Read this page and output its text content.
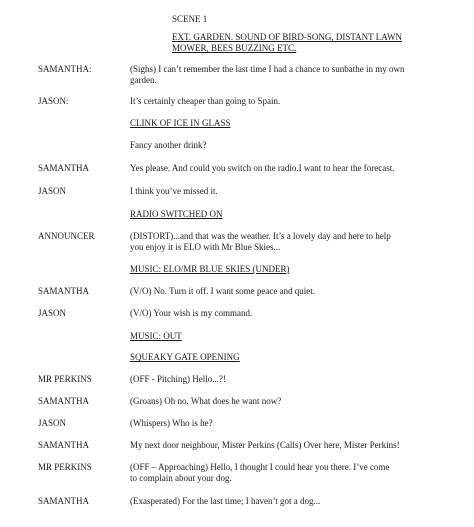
SCENE 1
EXT. GARDEN. SOUND OF BIRD-SONG, DISTANT LAWN
MOWER, BEES BUZZING ETC.
SAMANTHA:	(Sighs) I can’t remember the last time I had a chance to sunbathe in my own
garden.
JASON:	It’s certainly cheaper than going to Spain.
CLINK OF ICE IN GLASS
Fancy another drink?
SAMANTHA	Yes please. And could you switch on the radio.I want to hear the forecast.
JASON	I think you’ve missed it.
RADIO SWITCHED ON
ANNOUNCER	(DISTORT)...and that was the weather. It’s a lovely day and here to help
you enjoy it is ELO with Mr Blue Skies...
MUSIC: ELO/MR BLUE SKIES (UNDER)
SAMANTHA	(V/O) No. Turn it off. I want some peace and quiet.
JASON	(V/O) Your wish is my command.
MUSIC: OUT
SQUEAKY GATE OPENING
MR PERKINS	(OFF - Pitching) Hello...?!
SAMANTHA	(Groans) Oh no. What does he want now?
JASON	(Whispers) Who is he?
SAMANTHA	My next door neighbour, Mister Perkins (Calls) Over here, Mister Perkins!
MR PERKINS	(OFF – Approaching) Hello, I thought I could hear you there. I’ve come
to complain about your dog.
SAMANTHA	(Exasperated) For the last time; I haven’t got a dog...
